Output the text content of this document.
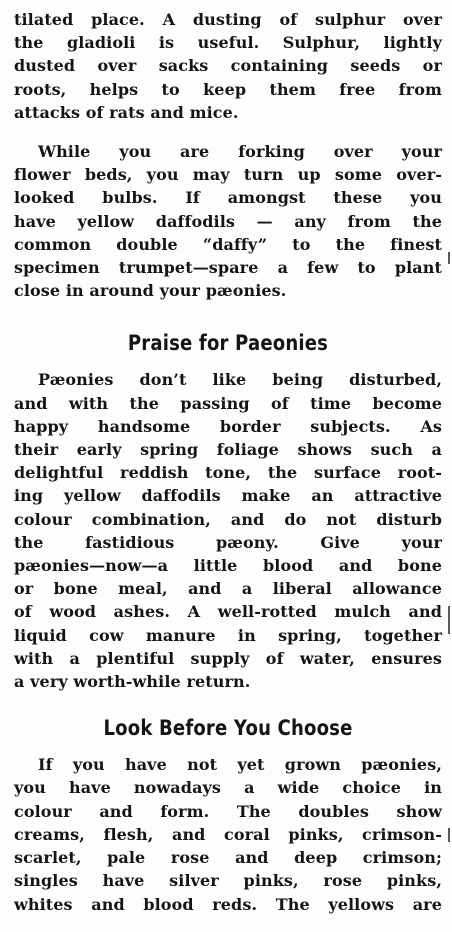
tilated place. A dusting of sulphur over
the gladioli is useful. Sulphur, lightly
dusted over sacks containing seeds or
roots, helps to keep them free from
attacks of rats and mice.

While you are forking over your
flower beds, you may turn up some over-
looked bulbs. If amongst these you
have yellow daffodils — any from the
common double “daffy” to the finest
specimen trumpet—spare a few to plant
close in around your pæonies.

Praise for Paeonies

Pæonies don’t like being disturbed,
and with the passing of time become
happy handsome border subjects. As
their early spring foliage shows such a
delightful reddish tone, the surface root-
ing yellow daffodils make an attractive
colour combination, and do not disturb
the fastidious pæony. Give your
pæonies—now—a little blood and bone
or bone meal, and a liberal allowance
of wood ashes. A well-rotted mulch and
liquid cow manure in spring, together
with a plentiful supply of water, ensures
a very worth-while return.

Look Before You Choose

If you have not yet grown pæonies,
you have nowadays a wide choice in
colour and form. The doubles show
creams, flesh, and coral pinks, crimson-
scarlet, pale rose and deep crimson;
singles have silver pinks, rose pinks,
whites and blood reds. The yellows are
